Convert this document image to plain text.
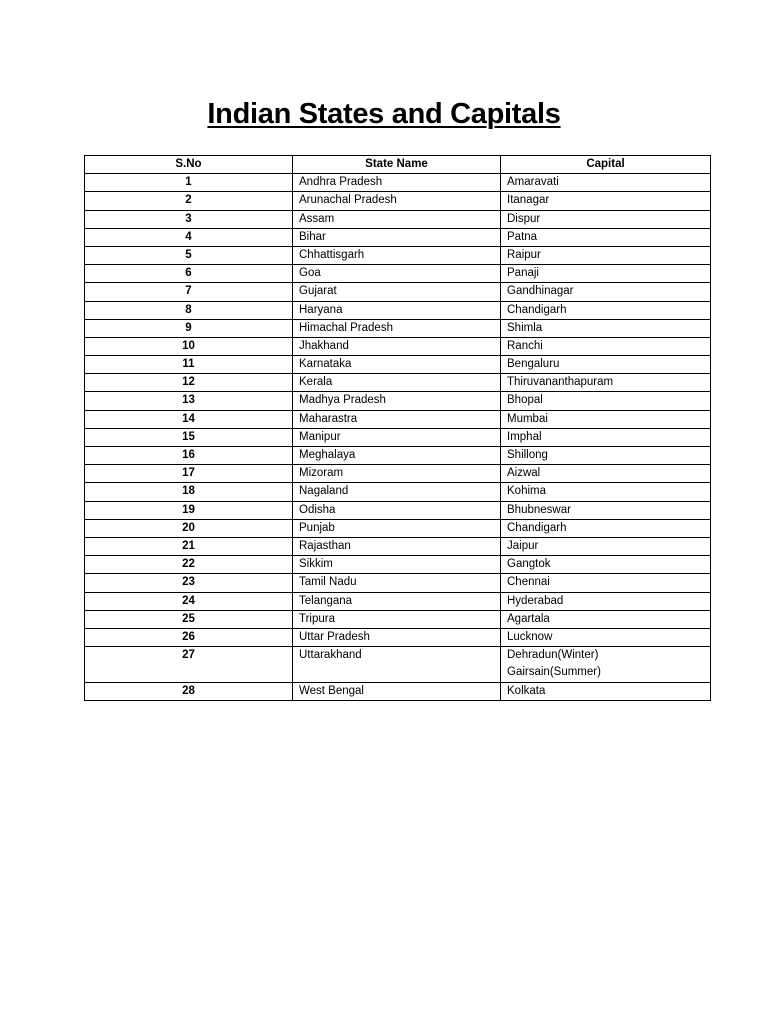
Indian States and Capitals
S.No	State Name	Capital
1	Andhra Pradesh	Amaravati

2	Arunachal Pradesh	Itanagar

3	Assam	Dispur

4	Bihar	Patna

5	Chhattisgarh	Raipur

6	Goa	Panaji

7	Gujarat	Gandhinagar

8	Haryana	Chandigarh

9	Himachal Pradesh	Shimla

10	Jhakhand	Ranchi

11	Karnataka	Bengaluru

12	Kerala	Thiruvananthapuram

13	Madhya Pradesh	Bhopal

14	Maharastra	Mumbai

15	Manipur	Imphal

16	Meghalaya	Shillong

17	Mizoram	Aizwal

18	Nagaland	Kohima

19	Odisha	Bhubneswar

20	Punjab	Chandigarh

21	Rajasthan	Jaipur

22	Sikkim	Gangtok

23	Tamil Nadu	Chennai

24	Telangana	Hyderabad

25	Tripura	Agartala

26	Uttar Pradesh	Lucknow

27	Uttarakhand	Dehradun(Winter)
Gairsain(Summer)

28	West Bengal	Kolkata
